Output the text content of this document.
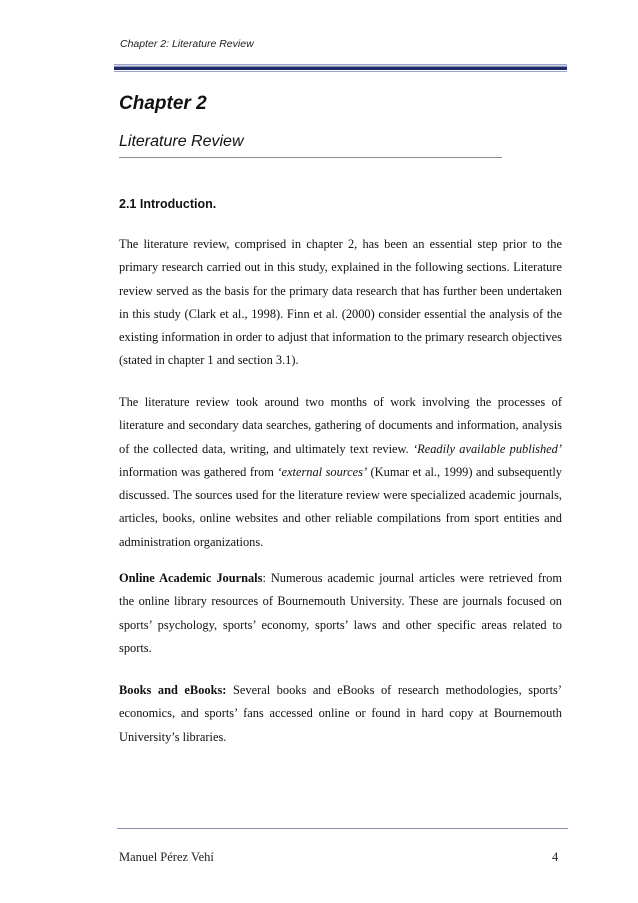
Chapter 2: Literature Review
Chapter 2
Literature Review
2.1 Introduction.

The literature review, comprised in chapter 2, has been an essential step prior to the primary research carried out in this study, explained in the following sections. Literature review served as the basis for the primary data research that has further been undertaken in this study (Clark et al., 1998). Finn et al. (2000) consider essential the analysis of the existing information in order to adjust that information to the primary research objectives (stated in chapter 1 and section 3.1).

The literature review took around two months of work involving the processes of literature and secondary data searches, gathering of documents and information, analysis of the collected data, writing, and ultimately text review. ‘Readily available published’ information was gathered from ‘external sources’ (Kumar et al., 1999) and subsequently discussed. The sources used for the literature review were specialized academic journals, articles, books, online websites and other reliable compilations from sport entities and administration organizations.

Online Academic Journals: Numerous academic journal articles were retrieved from the online library resources of Bournemouth University. These are journals focused on sports’ psychology, sports’ economy, sports’ laws and other specific areas related to sports.

Books and eBooks: Several books and eBooks of research methodologies, sports’ economics, and sports’ fans accessed online or found in hard copy at Bournemouth University’s libraries.

Manuel Pérez Vehí	4
